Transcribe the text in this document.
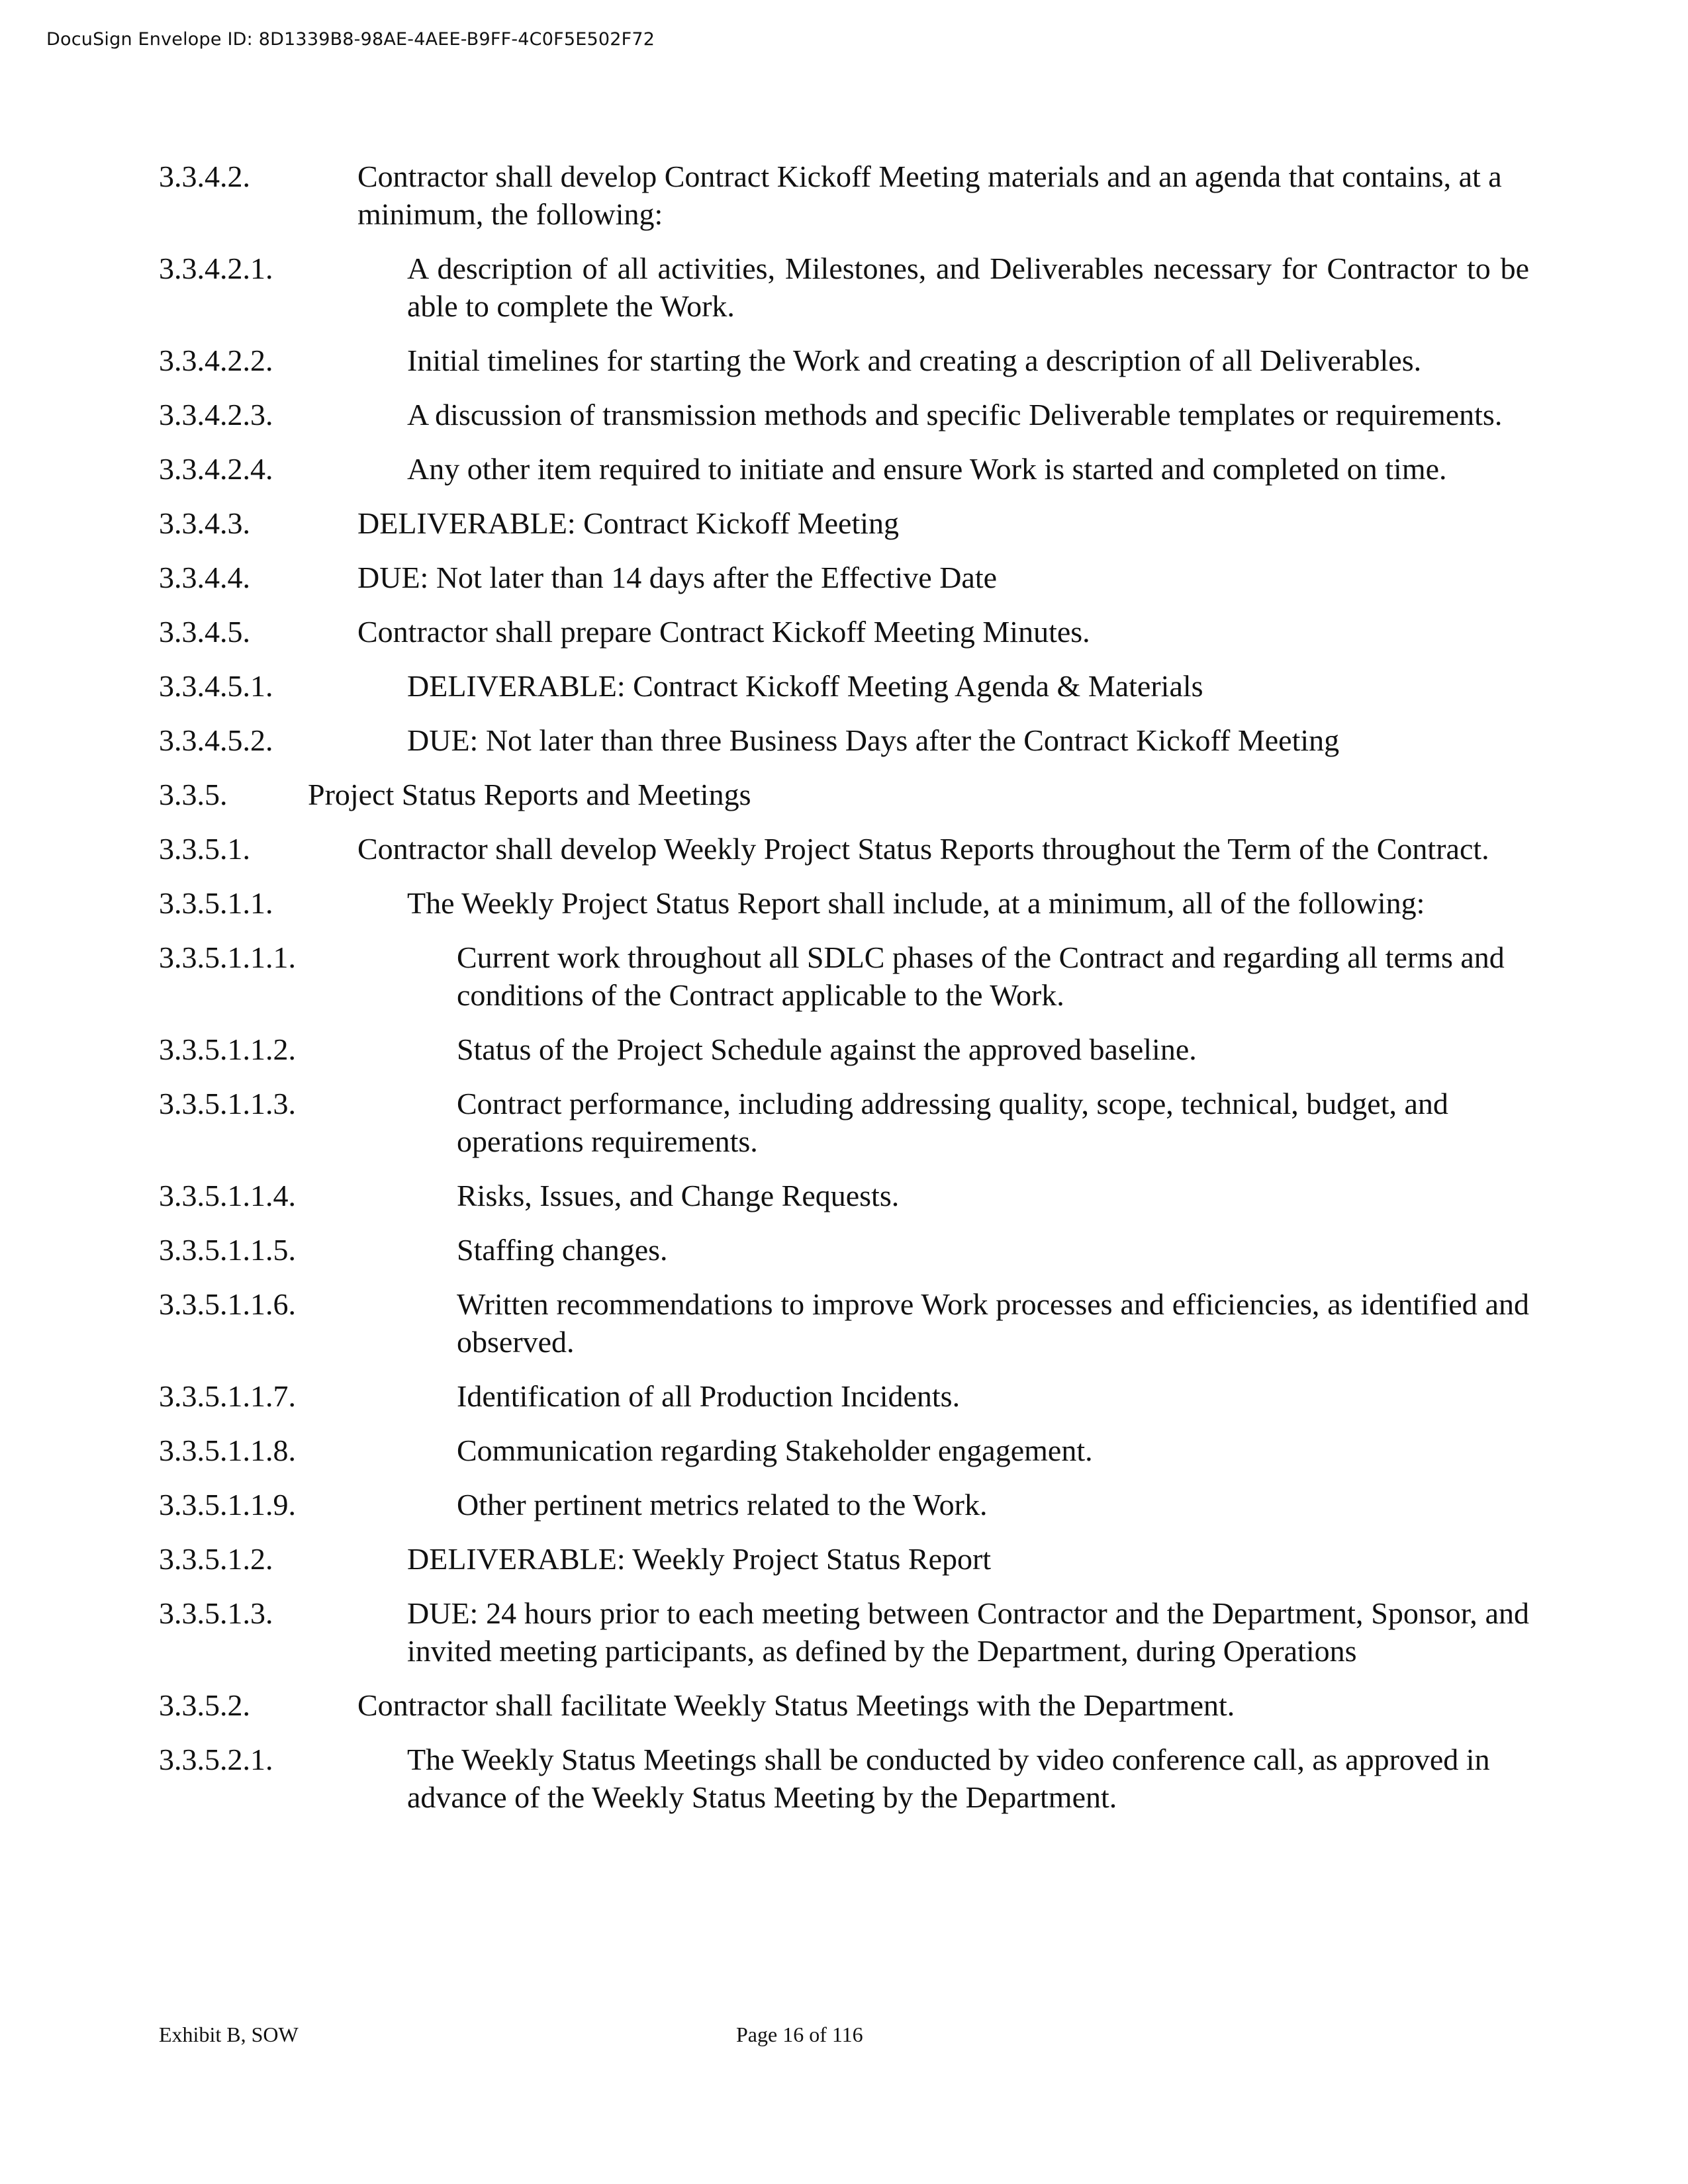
DocuSign Envelope ID: 8D1339B8-98AE-4AEE-B9FF-4C0F5E502F72
3.3.4.2.	Contractor shall develop Contract Kickoff Meeting materials and an agenda that contains, at a minimum, the following:
3.3.4.2.1.	A description of all activities, Milestones, and Deliverables necessary for Contractor to be able to complete the Work.
3.3.4.2.2.	Initial timelines for starting the Work and creating a description of all Deliverables.
3.3.4.2.3.	A discussion of transmission methods and specific Deliverable templates or requirements.
3.3.4.2.4.	Any other item required to initiate and ensure Work is started and completed on time.
3.3.4.3.	DELIVERABLE: Contract Kickoff Meeting
3.3.4.4.	DUE: Not later than 14 days after the Effective Date
3.3.4.5.	Contractor shall prepare Contract Kickoff Meeting Minutes.
3.3.4.5.1.	DELIVERABLE: Contract Kickoff Meeting Agenda & Materials
3.3.4.5.2.	DUE: Not later than three Business Days after the Contract Kickoff Meeting
3.3.5.	Project Status Reports and Meetings
3.3.5.1.	Contractor shall develop Weekly Project Status Reports throughout the Term of the Contract.
3.3.5.1.1.	The Weekly Project Status Report shall include, at a minimum, all of the following:
3.3.5.1.1.1.	Current work throughout all SDLC phases of the Contract and regarding all terms and conditions of the Contract applicable to the Work.
3.3.5.1.1.2.	Status of the Project Schedule against the approved baseline.
3.3.5.1.1.3.	Contract performance, including addressing quality, scope, technical, budget, and operations requirements.
3.3.5.1.1.4.	Risks, Issues, and Change Requests.
3.3.5.1.1.5.	Staffing changes.
3.3.5.1.1.6.	Written recommendations to improve Work processes and efficiencies, as identified and observed.
3.3.5.1.1.7.	Identification of all Production Incidents.
3.3.5.1.1.8.	Communication regarding Stakeholder engagement.
3.3.5.1.1.9.	Other pertinent metrics related to the Work.
3.3.5.1.2.	DELIVERABLE: Weekly Project Status Report
3.3.5.1.3.	DUE: 24 hours prior to each meeting between Contractor and the Department, Sponsor, and invited meeting participants, as defined by the Department, during Operations
3.3.5.2.	Contractor shall facilitate Weekly Status Meetings with the Department.
3.3.5.2.1.	The Weekly Status Meetings shall be conducted by video conference call, as approved in advance of the Weekly Status Meeting by the Department.
Exhibit B, SOW	Page 16 of 116
